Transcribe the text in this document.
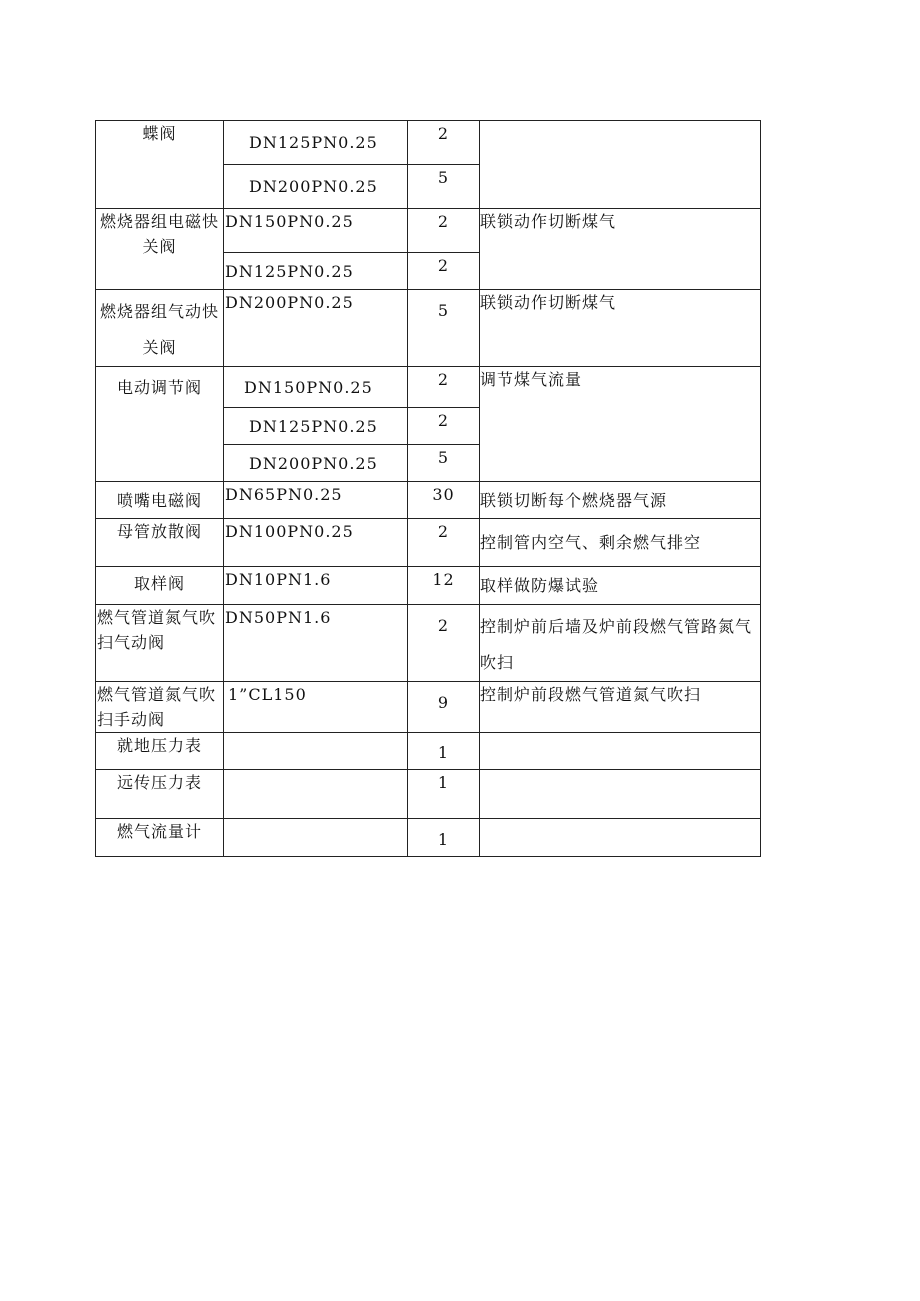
蝶阀	DN125PN0.25	2	
	DN200PN0.25	5	
燃烧器组电磁快关阀	DN150PN0.25	2	联锁动作切断煤气
	DN125PN0.25	2	
燃烧器组气动快关阀	DN200PN0.25	5	联锁动作切断煤气
电动调节阀	DN150PN0.25	2	调节煤气流量
	DN125PN0.25	2	
	DN200PN0.25	5	
喷嘴电磁阀	DN65PN0.25	30	联锁切断每个燃烧器气源
母管放散阀	DN100PN0.25	2	控制管内空气、剩余燃气排空
取样阀	DN10PN1.6	12	取样做防爆试验
燃气管道氮气吹扫气动阀	DN50PN1.6	2	控制炉前后墙及炉前段燃气管路氮气吹扫
燃气管道氮气吹扫手动阀	1”CL150	9	控制炉前段燃气管道氮气吹扫
就地压力表		1	
远传压力表		1	
燃气流量计		1	
